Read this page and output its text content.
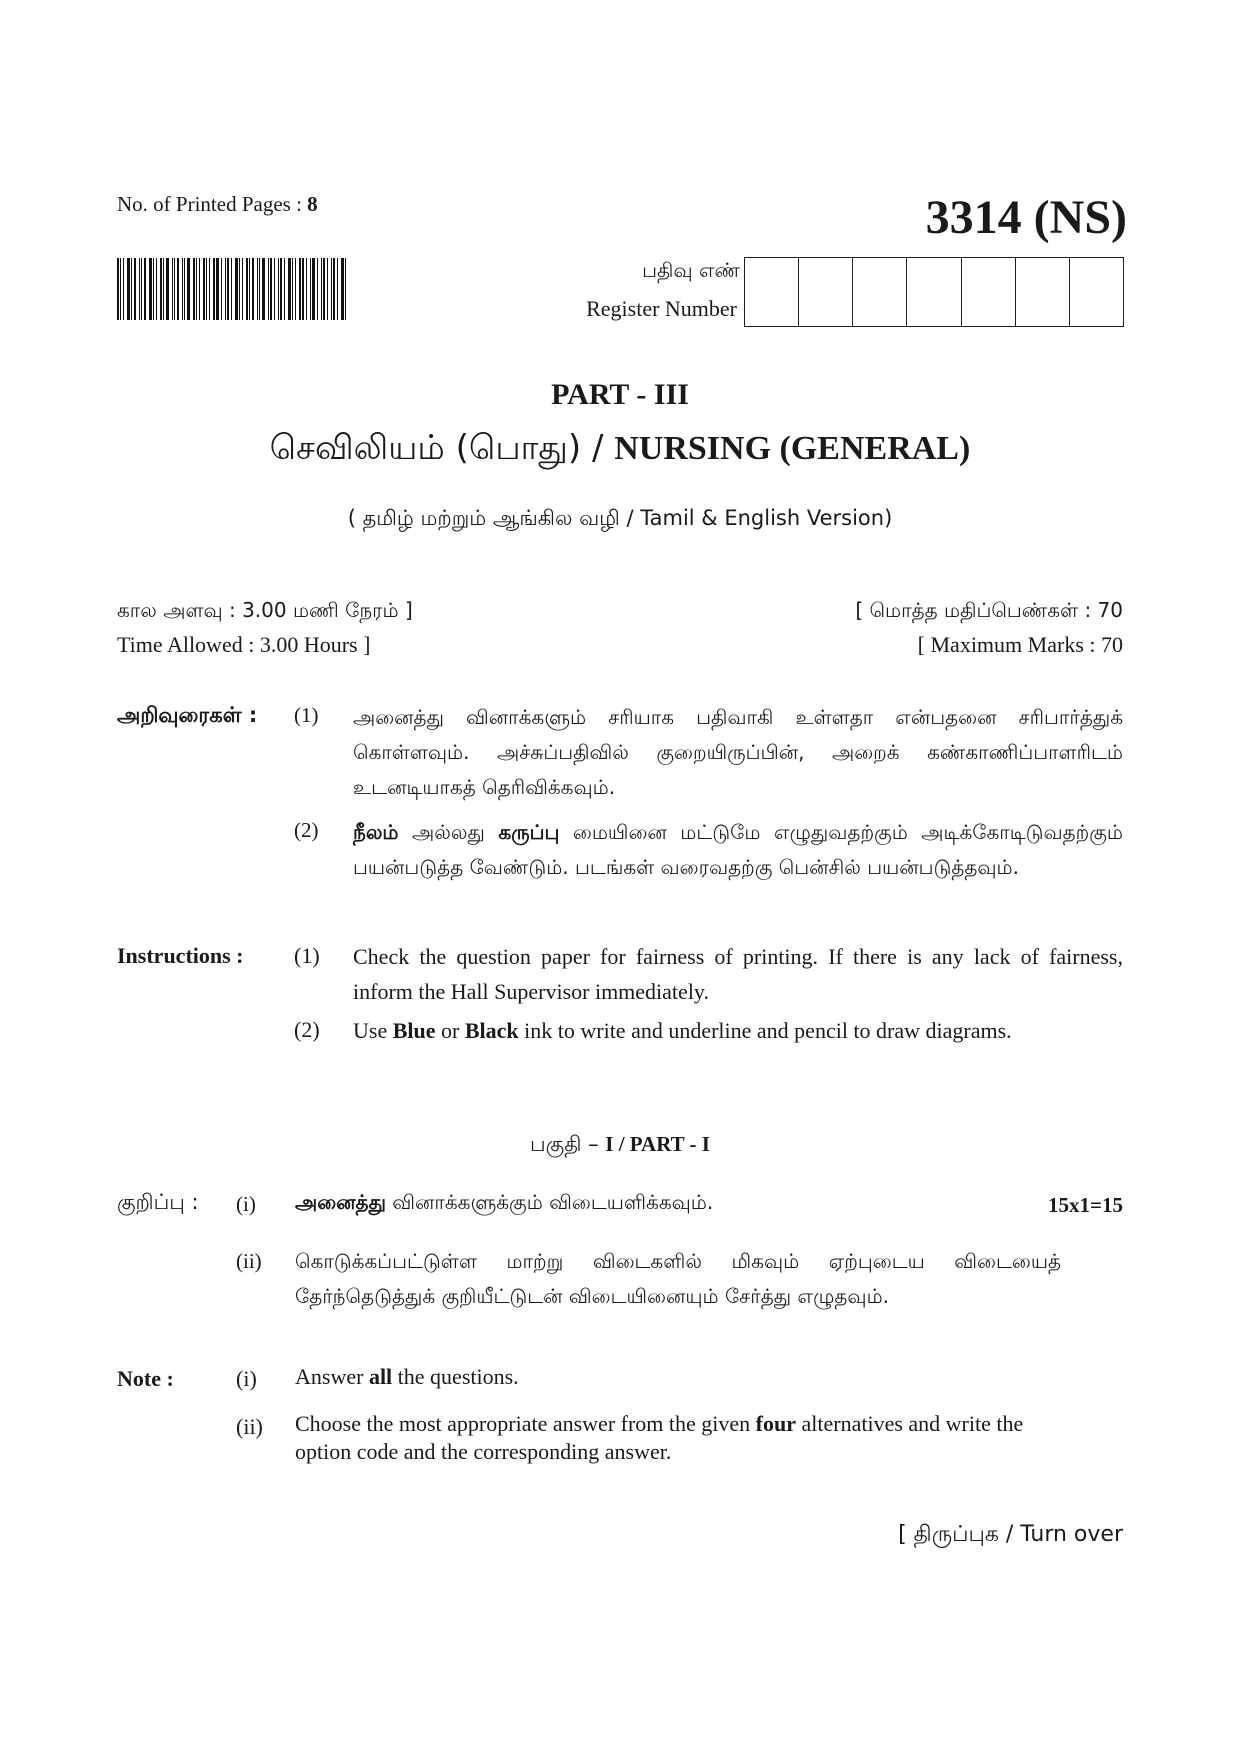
No. of Printed Pages : 8	3314 (NS)
பதிவு எண்
Register Number
PART - III
செவிலியம் (பொது) / NURSING (GENERAL)
( தமிழ் மற்றும் ஆங்கில வழி / Tamil & English Version)
கால அளவு : 3.00 மணி நேரம் ]
Time Allowed : 3.00 Hours ]
[ மொத்த மதிப்பெண்கள் : 70
[ Maximum Marks : 70
அறிவுரைகள் : (1) அனைத்து வினாக்களும் சரியாக பதிவாகி உள்ளதா என்பதனை சரிபார்த்துக் கொள்ளவும். அச்சுப்பதிவில் குறையிருப்பின், அறைக் கண்காணிப்பாளரிடம் உடனடியாகத் தெரிவிக்கவும்.
(2) நீலம் அல்லது கருப்பு மையினை மட்டுமே எழுதுவதற்கும் அடிக்கோடிடுவதற்கும் பயன்படுத்த வேண்டும். படங்கள் வரைவதற்கு பென்சில் பயன்படுத்தவும்.
Instructions : (1) Check the question paper for fairness of printing. If there is any lack of fairness, inform the Hall Supervisor immediately.
(2) Use Blue or Black ink to write and underline and pencil to draw diagrams.
பகுதி – I / PART - I
குறிப்பு : (i) அனைத்து வினாக்களுக்கும் விடையளிக்கவும்.	15x1=15
(ii) கொடுக்கப்பட்டுள்ள மாற்று விடைகளில் மிகவும் ஏற்புடைய விடையைத் தேர்ந்தெடுத்துக் குறியீட்டுடன் விடையினையும் சேர்த்து எழுதவும்.
Note :	(i) Answer all the questions.
(ii) Choose the most appropriate answer from the given four alternatives and write the option code and the corresponding answer.
[ திருப்புக / Turn over
